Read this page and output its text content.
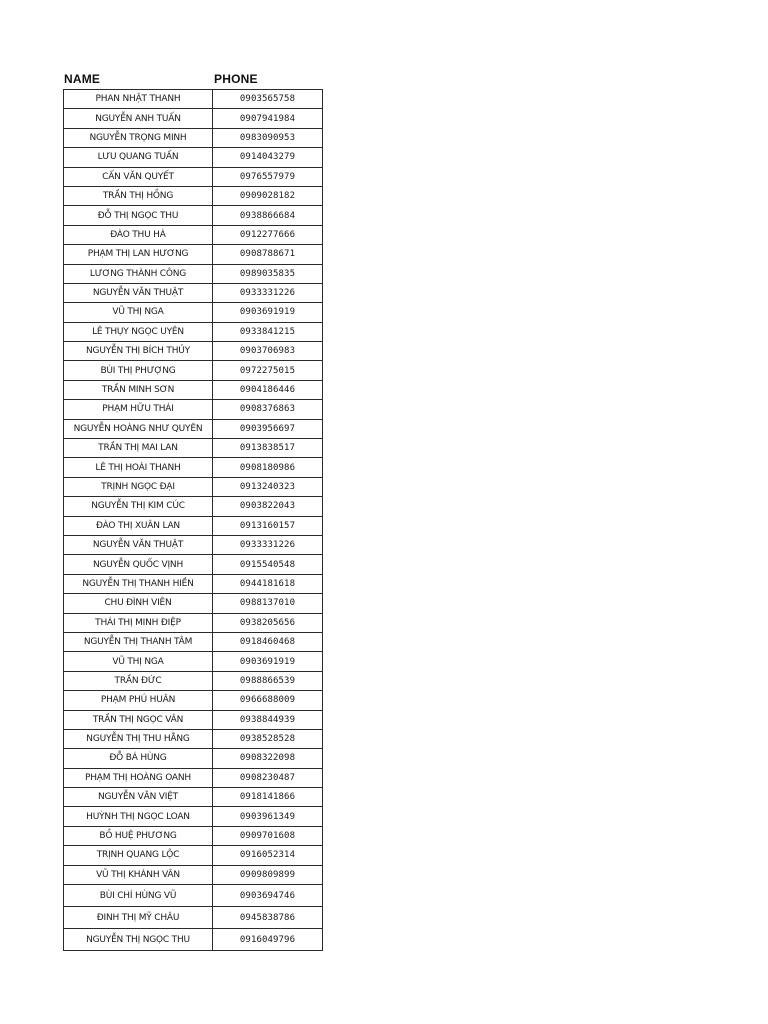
NAME	PHONE
PHAN NHẬT THANH	0903565758
NGUYỄN ANH TUẤN	0907941984
NGUYỄN TRỌNG MINH	0983090953
LƯU QUANG TUẤN	0914043279
CẤN VĂN QUYẾT	0976557979
TRẦN THỊ HỒNG	0909028182
ĐỖ THỊ NGỌC THU	0938866684
ĐÀO THU HÀ	0912277666
PHẠM THỊ LAN HƯƠNG	0908788671
LƯƠNG THÀNH CÔNG	0989035835
NGUYỄN VĂN THUẬT	0933331226
VŨ THỊ NGA	0903691919
LÊ THỤY NGỌC UYÊN	0933841215
NGUYỄN THỊ BÍCH THỦY	0903706983
BÙI THỊ PHƯỢNG	0972275015
TRẦN MINH SƠN	0904186446
PHẠM HỮU THÁI	0908376863
NGUYỄN HOÀNG NHƯ QUYÊN	0903956697
TRẦN THỊ MAI LAN	0913838517
LÊ THỊ HOÀI THANH	0908180986
TRỊNH NGỌC ĐẠI	0913240323
NGUYỄN THỊ KIM CÚC	0903822043
ĐÀO THỊ XUÂN LAN	0913160157
NGUYỄN VĂN THUẬT	0933331226
NGUYỄN QUỐC VỊNH	0915540548
NGUYỄN THỊ THANH HIỀN	0944181618
CHU ĐÌNH VIÊN	0988137010
THÁI THỊ MINH ĐIỆP	0938205656
NGUYỄN THỊ THANH TÂM	0918460468
VŨ THỊ NGA	0903691919
TRẦN ĐỨC	0988866539
PHẠM PHÚ HUÂN	0966688009
TRẦN THỊ NGỌC VÂN	0938844939
NGUYỄN THỊ THU HẰNG	0938528528
ĐỖ BÁ HÙNG	0908322098
PHẠM THỊ HOÀNG OANH	0908230487
NGUYỄN VĂN VIỆT	0918141866
HUỲNH THỊ NGỌC LOAN	0903961349
BỒ HUỆ PHƯƠNG	0909701608
TRỊNH QUANG LỘC	0916052314
VŨ THỊ KHÁNH VÂN	0909809899
BÙI CHÍ HÙNG VŨ	0903694746
ĐINH THỊ MỸ CHÂU	0945838786
NGUYỄN THỊ NGỌC THU	0916049796
